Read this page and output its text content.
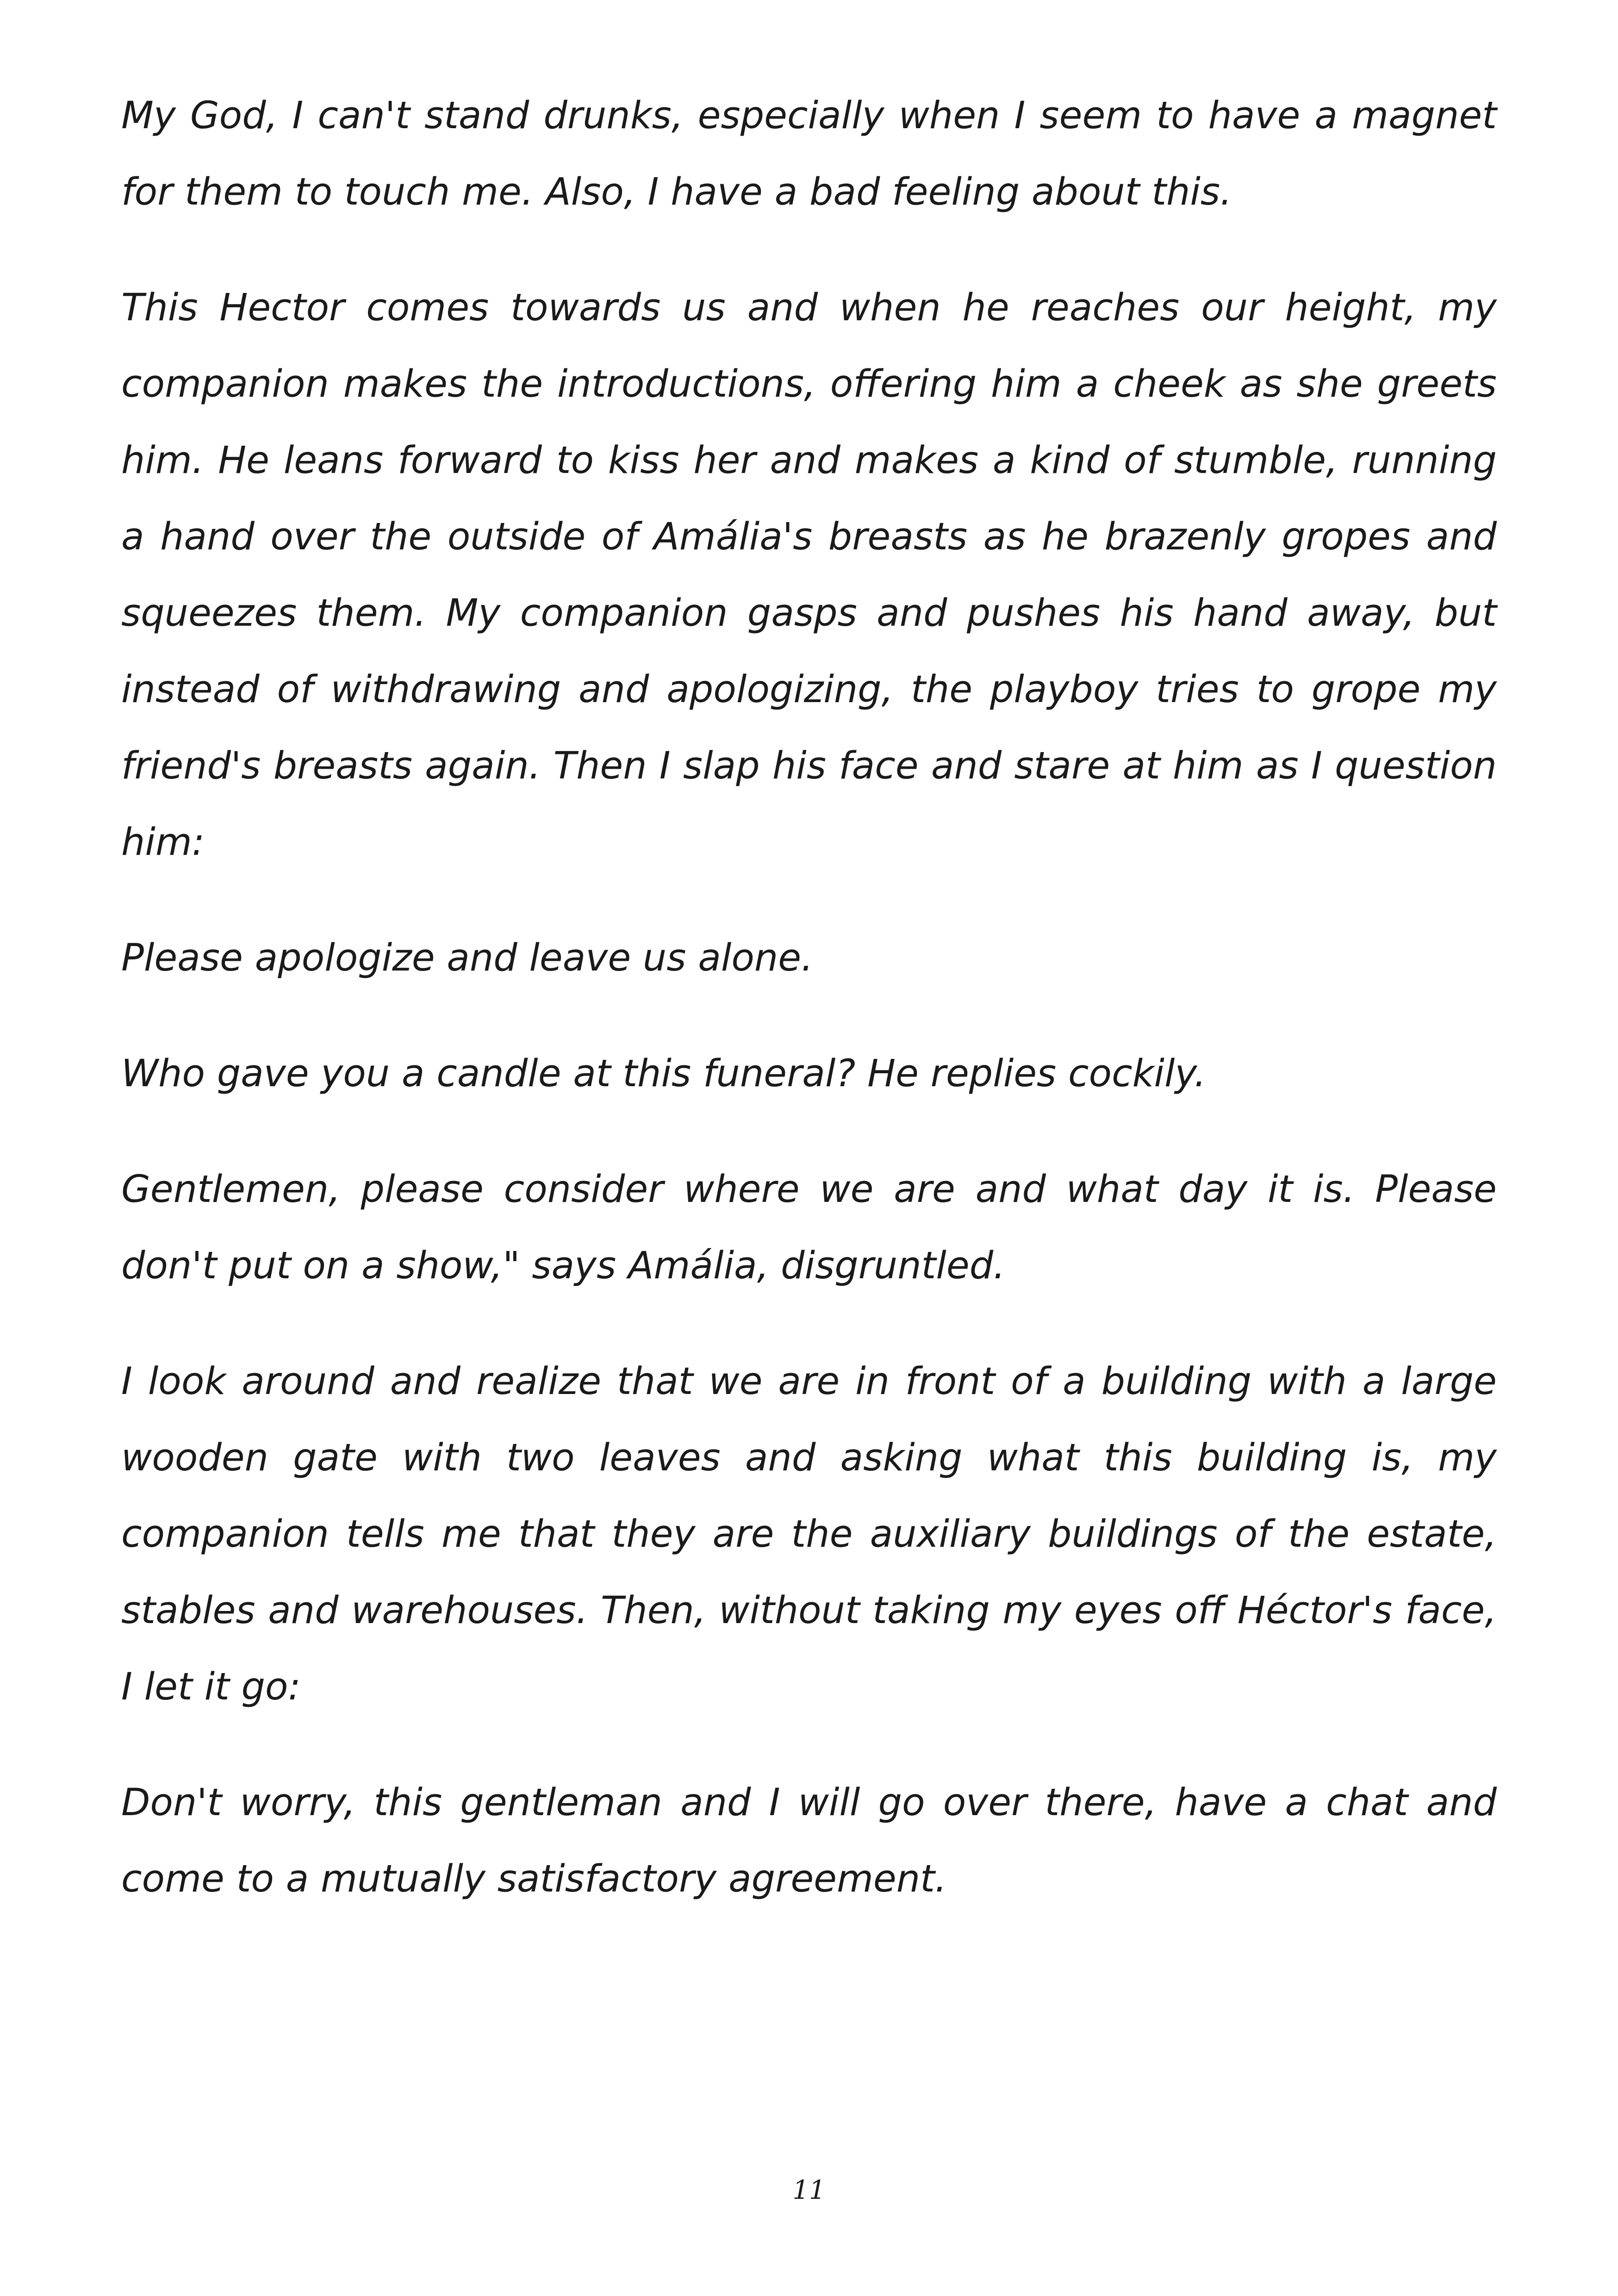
My God, I can't stand drunks, especially when I seem to have a magnet for them to touch me. Also, I have a bad feeling about this.

This Hector comes towards us and when he reaches our height, my companion makes the introductions, offering him a cheek as she greets him. He leans forward to kiss her and makes a kind of stumble, running a hand over the outside of Amália's breasts as he brazenly gropes and squeezes them. My companion gasps and pushes his hand away, but instead of withdrawing and apologizing, the playboy tries to grope my friend's breasts again. Then I slap his face and stare at him as I question him:

Please apologize and leave us alone.

Who gave you a candle at this funeral? He replies cockily.

Gentlemen, please consider where we are and what day it is. Please don't put on a show," says Amália, disgruntled.

I look around and realize that we are in front of a building with a large wooden gate with two leaves and asking what this building is, my companion tells me that they are the auxiliary buildings of the estate, stables and warehouses. Then, without taking my eyes off Héctor's face, I let it go:

Don't worry, this gentleman and I will go over there, have a chat and come to a mutually satisfactory agreement.

11
